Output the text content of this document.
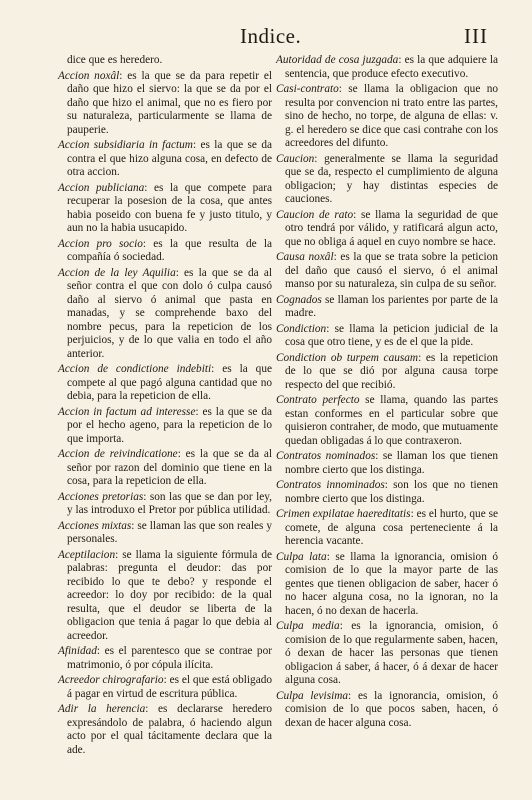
Indice.	III

dice que es heredero.

Accion noxâl: es la que se da para repetir el daño que hizo el siervo: la que se da por el daño que hizo el animal, que no es fiero por su naturaleza, particularmente se llama de pauperie.

Accion subsidiaria in factum: es la que se da contra el que hizo alguna cosa, en defecto de otra accion.

Accion publiciana: es la que compete para recuperar la posesion de la cosa, que antes habia poseido con buena fe y justo titulo, y aun no la habia usucapido.

Accion pro socio: es la que resulta de la compañía ó sociedad.

Accion de la ley Aquilia: es la que se da al señor contra el que con dolo ó culpa causó daño al siervo ó animal que pasta en manadas, y se comprehende baxo del nombre pecus, para la repeticion de los perjuicios, y de lo que valia en todo el año anterior.

Accion de condictione indebiti: es la que compete al que pagó alguna cantidad que no debia, para la repeticion de ella.

Accion in factum ad interesse: es la que se da por el hecho ageno, para la repeticion de lo que importa.

Accion de reivindicatione: es la que se da al señor por razon del dominio que tiene en la cosa, para la repeticion de ella.

Acciones pretorias: son las que se dan por ley, y las introduxo el Pretor por pública utilidad.

Acciones mixtas: se llaman las que son reales y personales.

Aceptilacion: se llama la siguiente fórmula de palabras: pregunta el deudor: das por recibido lo que te debo? y responde el acreedor: lo doy por recibido: de la qual resulta, que el deudor se liberta de la obligacion que tenia á pagar lo que debia al acreedor.

Afinidad: es el parentesco que se contrae por matrimonio, ó por cópula ilícita.

Acreedor chirografario: es el que está obligado á pagar en virtud de escritura pública.

Adir la herencia: es declararse heredero expresándolo de palabra, ó haciendo algun acto por el qual tácitamente declara que la ade.

Autoridad de cosa juzgada: es la que adquiere la sentencia, que produce efecto executivo.

Casi-contrato: se llama la obligacion que no resulta por convencion ni trato entre las partes, sino de hecho, no torpe, de alguna de ellas: v. g. el heredero se dice que casi contrahe con los acreedores del difunto.

Caucion: generalmente se llama la seguridad que se da, respecto el cumplimiento de alguna obligacion; y hay distintas especies de cauciones.

Caucion de rato: se llama la seguridad de que otro tendrá por válido, y ratificará algun acto, que no obliga á aquel en cuyo nombre se hace.

Causa noxâl: es la que se trata sobre la peticion del daño que causó el siervo, ó el animal manso por su naturaleza, sin culpa de su señor.

Cognados se llaman los parientes por parte de la madre.

Condiction: se llama la peticion judicial de la cosa que otro tiene, y es de el que la pide.

Condiction ob turpem causam: es la repeticion de lo que se dió por alguna causa torpe respecto del que recibió.

Contrato perfecto se llama, quando las partes estan conformes en el particular sobre que quisieron contraher, de modo, que mutuamente quedan obligadas á lo que contraxeron.

Contratos nominados: se llaman los que tienen nombre cierto que los distinga.

Contratos innominados: son los que no tienen nombre cierto que los distinga.

Crimen expilatae haereditatis: es el hurto, que se comete, de alguna cosa perteneciente á la herencia vacante.

Culpa lata: se llama la ignorancia, omision ó comision de lo que la mayor parte de las gentes que tienen obligacion de saber, hacer ó no hacer alguna cosa, no la ignoran, no la hacen, ó no dexan de hacerla.

Culpa media: es la ignorancia, omision, ó comision de lo que regularmente saben, hacen, ó dexan de hacer las personas que tienen obligacion á saber, á hacer, ó á dexar de hacer alguna cosa.

Culpa levisima: es la ignorancia, omision, ó comision de lo que pocos saben, hacen, ó dexan de hacer alguna cosa.
